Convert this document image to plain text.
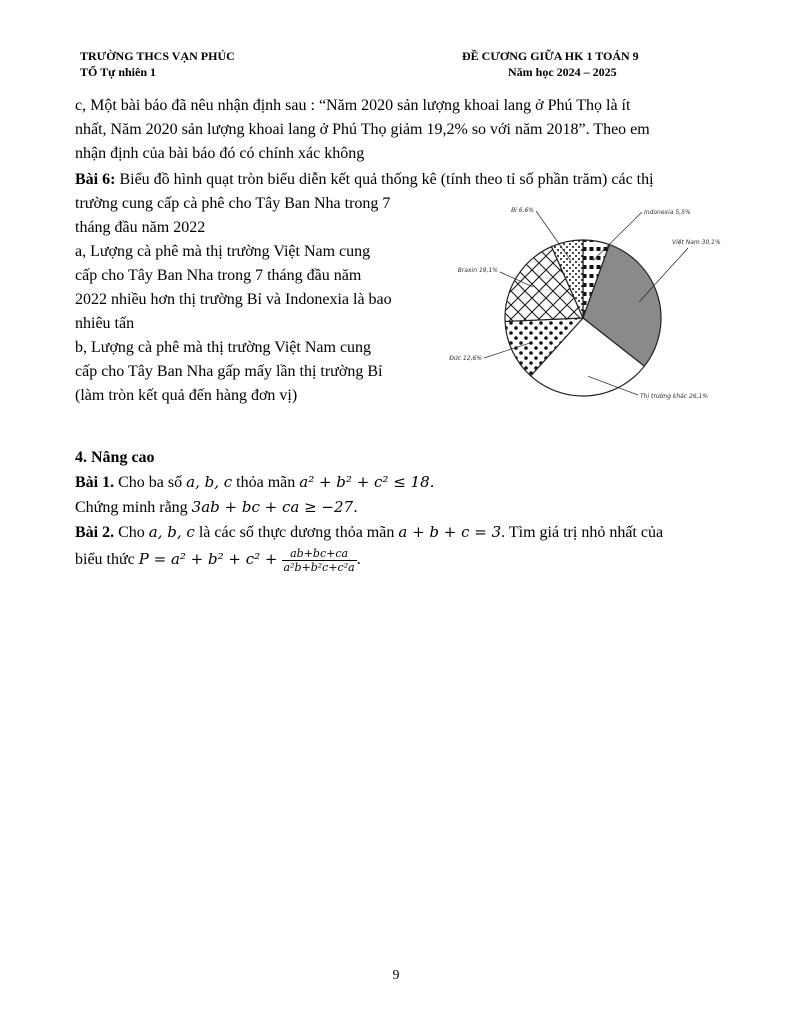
TRƯỜNG THCS VẠN PHÚC
TỔ Tự nhiên 1
ĐỀ CƯƠNG GIỮA HK 1 TOÁN 9
Năm học 2024 – 2025
c, Một bài báo đã nêu nhận định sau : “Năm 2020 sản lượng khoai lang ở Phú Thọ là ít
nhất, Năm 2020 sản lượng khoai lang ở Phú Thọ giảm 19,2% so với năm 2018”. Theo em
nhận định của bài báo đó có chính xác không
Bài 6: Biểu đồ hình quạt tròn biểu diễn kết quả thống kê (tính theo tỉ số phần trăm) các thị
trường cung cấp cà phê cho Tây Ban Nha trong 7
tháng đầu năm 2022
a, Lượng cà phê mà thị trường Việt Nam cung
cấp cho Tây Ban Nha trong 7 tháng đầu năm
2022 nhiều hơn thị trường Bỉ và Indonexia là bao
nhiêu tấn
b, Lượng cà phê mà thị trường Việt Nam cung
cấp cho Tây Ban Nha gấp mấy lần thị trường Bỉ
(làm tròn kết quả đến hàng đơn vị)
Indonexia 5,5%
Việt Nam 30,1%
Thị trường khác 26,1%
Đức 12,6%
Braxin 19,1%
Bỉ 6,6%
4. Nâng cao
Bài 1. Cho ba số a, b, c thỏa mãn a² + b² + c² ≤ 18.
Chứng minh rằng 3ab + bc + ca ≥ −27.
Bài 2. Cho a, b, c là các số thực dương thỏa mãn a + b + c = 3. Tìm giá trị nhỏ nhất của
biểu thức $P = a^2 + b^2 + c^2 + \frac{ab+bc+ca}{\text{a²b+b²c+c²a}}$ .
9
